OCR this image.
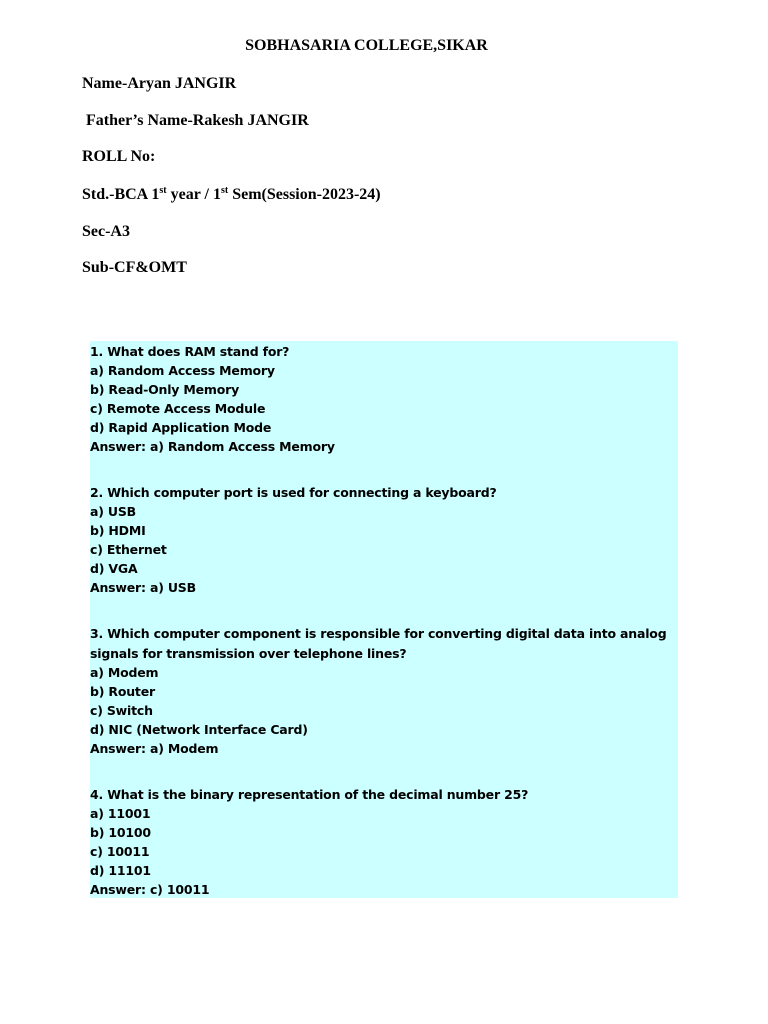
SOBHASARIA COLLEGE,SIKAR
Name-Aryan JANGIR
Father’s Name-Rakesh JANGIR
ROLL No:
Std.-BCA 1st year / 1st Sem(Session-2023-24)
Sec-A3
Sub-CF&OMT
1. What does RAM stand for?
a) Random Access Memory
b) Read-Only Memory
c) Remote Access Module
d) Rapid Application Mode
Answer: a) Random Access Memory
2. Which computer port is used for connecting a keyboard?
a) USB
b) HDMI
c) Ethernet
d) VGA
Answer: a) USB
3. Which computer component is responsible for converting digital data into analog
signals for transmission over telephone lines?
a) Modem
b) Router
c) Switch
d) NIC (Network Interface Card)
Answer: a) Modem
4. What is the binary representation of the decimal number 25?
a) 11001
b) 10100
c) 10011
d) 11101
Answer: c) 10011
